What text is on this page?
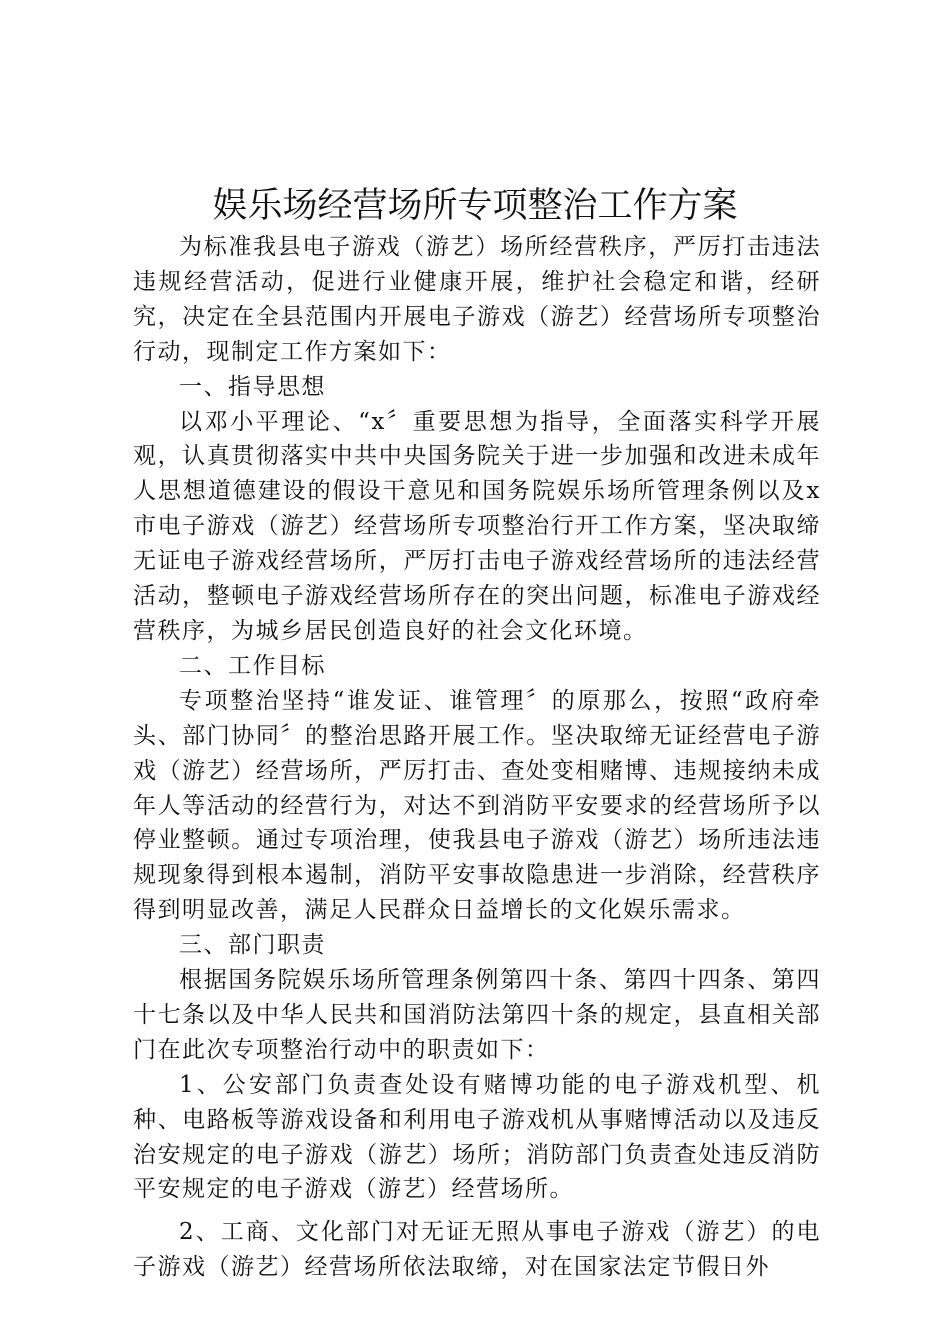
娱乐场经营场所专项整治工作方案

为标准我县电子游戏（游艺）场所经营秩序，严厉打击违法违规经营活动，促进行业健康开展，维护社会稳定和谐，经研究，决定在全县范围内开展电子游戏（游艺）经营场所专项整治行动，现制定工作方案如下：

一、指导思想

以邓小平理论、“x〞重要思想为指导，全面落实科学开展观，认真贯彻落实中共中央国务院关于进一步加强和改进未成年人思想道德建设的假设干意见和国务院娱乐场所管理条例以及x市电子游戏（游艺）经营场所专项整治行开工作方案，坚决取缔无证电子游戏经营场所，严厉打击电子游戏经营场所的违法经营活动，整顿电子游戏经营场所存在的突出问题，标准电子游戏经营秩序，为城乡居民创造良好的社会文化环境。

二、工作目标

专项整治坚持“谁发证、谁管理〞的原那么，按照“政府牵头、部门协同〞的整治思路开展工作。坚决取缔无证经营电子游戏（游艺）经营场所，严厉打击、查处变相赌博、违规接纳未成年人等活动的经营行为，对达不到消防平安要求的经营场所予以停业整顿。通过专项治理，使我县电子游戏（游艺）场所违法违规现象得到根本遏制，消防平安事故隐患进一步消除，经营秩序得到明显改善，满足人民群众日益增长的文化娱乐需求。

三、部门职责

根据国务院娱乐场所管理条例第四十条、第四十四条、第四十七条以及中华人民共和国消防法第四十条的规定，县直相关部门在此次专项整治行动中的职责如下：

1、公安部门负责查处设有赌博功能的电子游戏机型、机种、电路板等游戏设备和利用电子游戏机从事赌博活动以及违反治安规定的电子游戏（游艺）场所；消防部门负责查处违反消防平安规定的电子游戏（游艺）经营场所。

2、工商、文化部门对无证无照从事电子游戏（游艺）的电子游戏（游艺）经营场所依法取缔，对在国家法定节假日外
